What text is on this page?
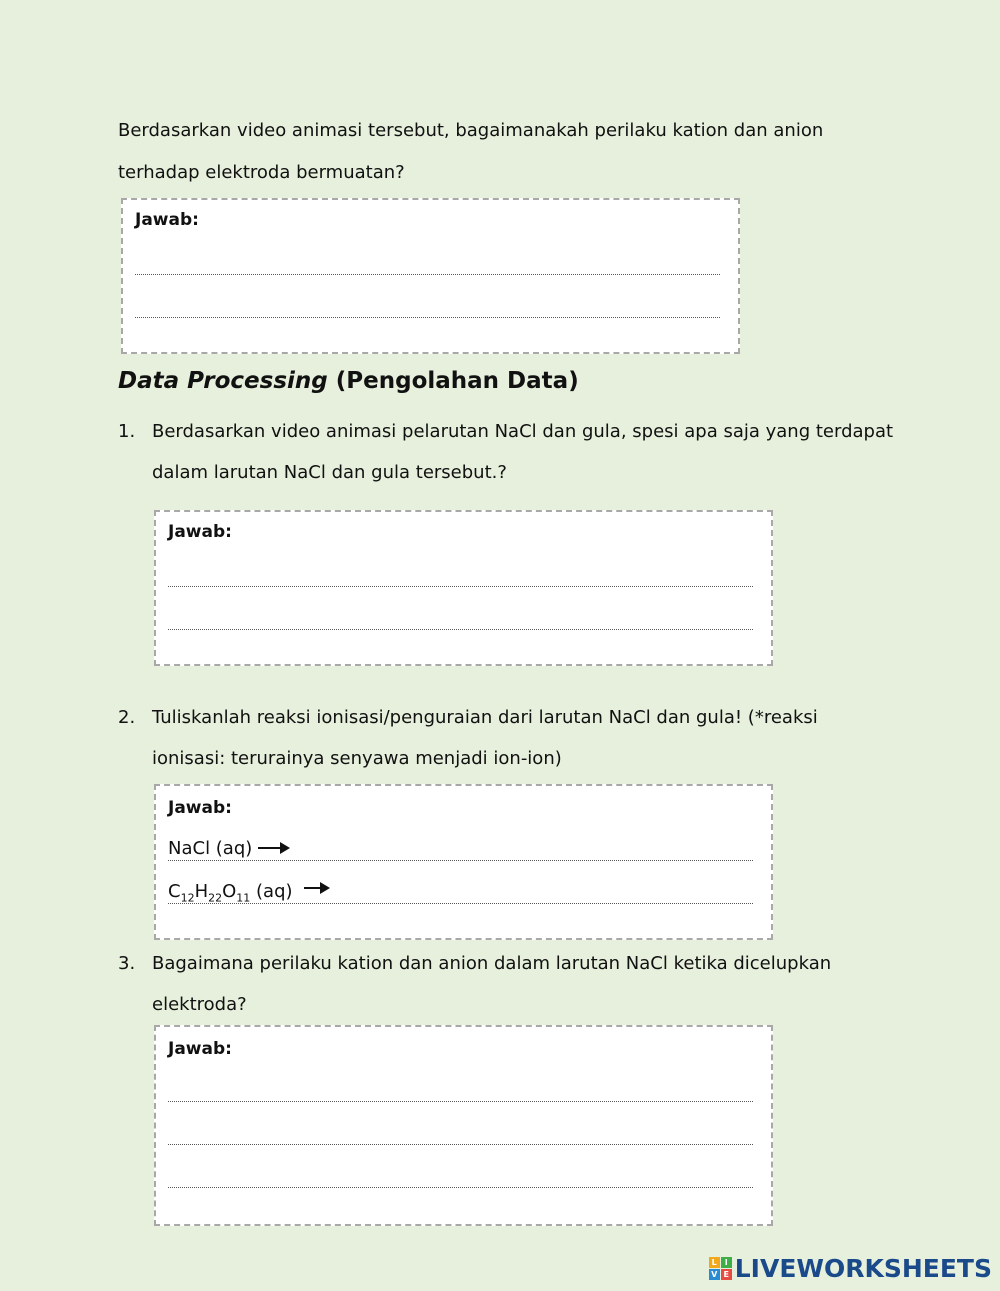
Berdasarkan video animasi tersebut, bagaimanakah perilaku kation dan anion

terhadap elektroda bermuatan?

Jawab:
Data Processing (Pengolahan Data)
1. Berdasarkan video animasi pelarutan NaCl dan gula, spesi apa saja yang terdapat

dalam larutan NaCl dan gula tersebut.?

Jawab:
2. Tuliskanlah reaksi ionisasi/penguraian dari larutan NaCl dan gula! (*reaksi

ionisasi: terurainya senyawa menjadi ion-ion)

Jawab:
NaCl (aq) →
$C_{12}H_{22}O_{11}$ (aq) →
3. Bagaimana perilaku kation dan anion dalam larutan NaCl ketika dicelupkan

elektroda?

Jawab:
L I
V E LIVEWORKSHEETS
